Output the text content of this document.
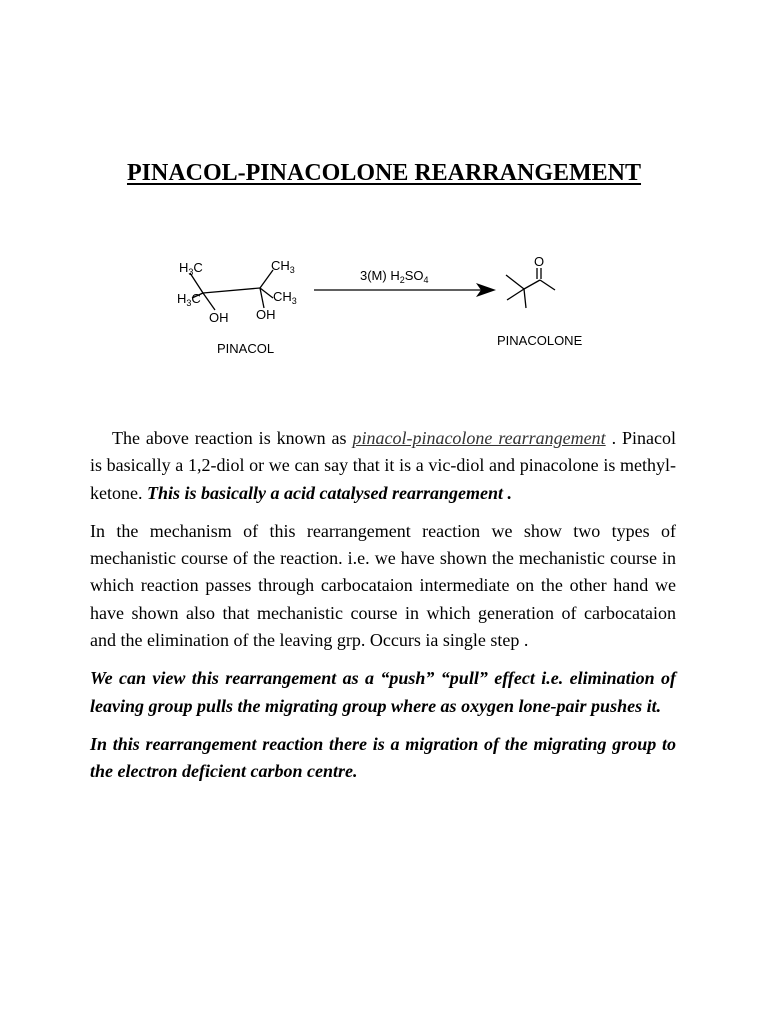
PINACOL-PINACOLONE REARRANGEMENT
$H_3C$
$H_3C$
$CH_3$
$CH_3$
OH OH
PINACOL
3(M) $H_2SO_4$
O
PINACOLONE

The above reaction is known as pinacol-pinacolone rearrangement . Pinacol is basically a 1,2-diol or we can say that it is a vic-diol and pinacolone is methyl-ketone. This is basically a acid catalysed rearrangement .

In the mechanism of this rearrangement reaction we show two types of mechanistic course of the reaction. i.e. we have shown the mechanistic course in which reaction passes through carbocataion intermediate on the other hand we have shown also that mechanistic course in which generation of carbocataion and the elimination of the leaving grp. Occurs ia single step .

We can view this rearrangement as a “push” “pull” effect i.e. elimination of leaving group pulls the migrating group where as oxygen lone-pair pushes it.

In this rearrangement reaction there is a migration of the migrating group to the electron deficient carbon centre.
